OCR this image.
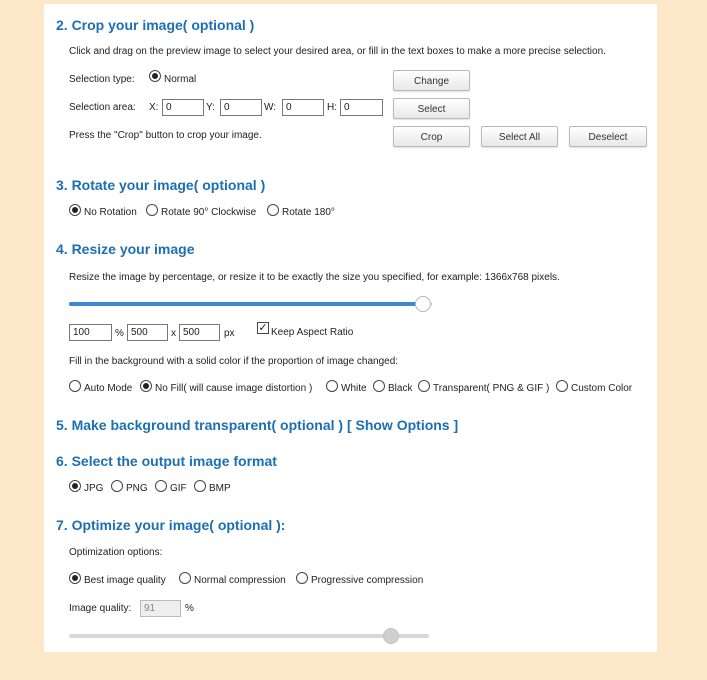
2. Crop your image( optional )
Click and drag on the preview image to select your desired area, or fill in the text boxes to make a more precise selection.
Selection type:	Normal	Change
Selection area: X: 0	Y: 0	W: 0	H: 0	Select
Press the "Crop" button to crop your image.	Crop	Select All	Deselect
3. Rotate your image( optional )
No Rotation Rotate 90° Clockwise	Rotate 180°
4. Resize your image
Resize the image by percentage, or resize it to be exactly the size you specified, for example: 1366x768 pixels.
100	% 500	x 500	px ✓ Keep Aspect Ratio
Fill in the background with a solid color if the proportion of image changed:
Auto Mode No Fill( will cause image distortion )	White Black Transparent( PNG & GIF ) Custom Color
5. Make background transparent( optional ) [ Show Options ]
6. Select the output image format
JPG PNG GIF BMP
7. Optimize your image( optional ):
Optimization options:
Best image quality	Normal compression	Progressive compression
Image quality:	91	%
